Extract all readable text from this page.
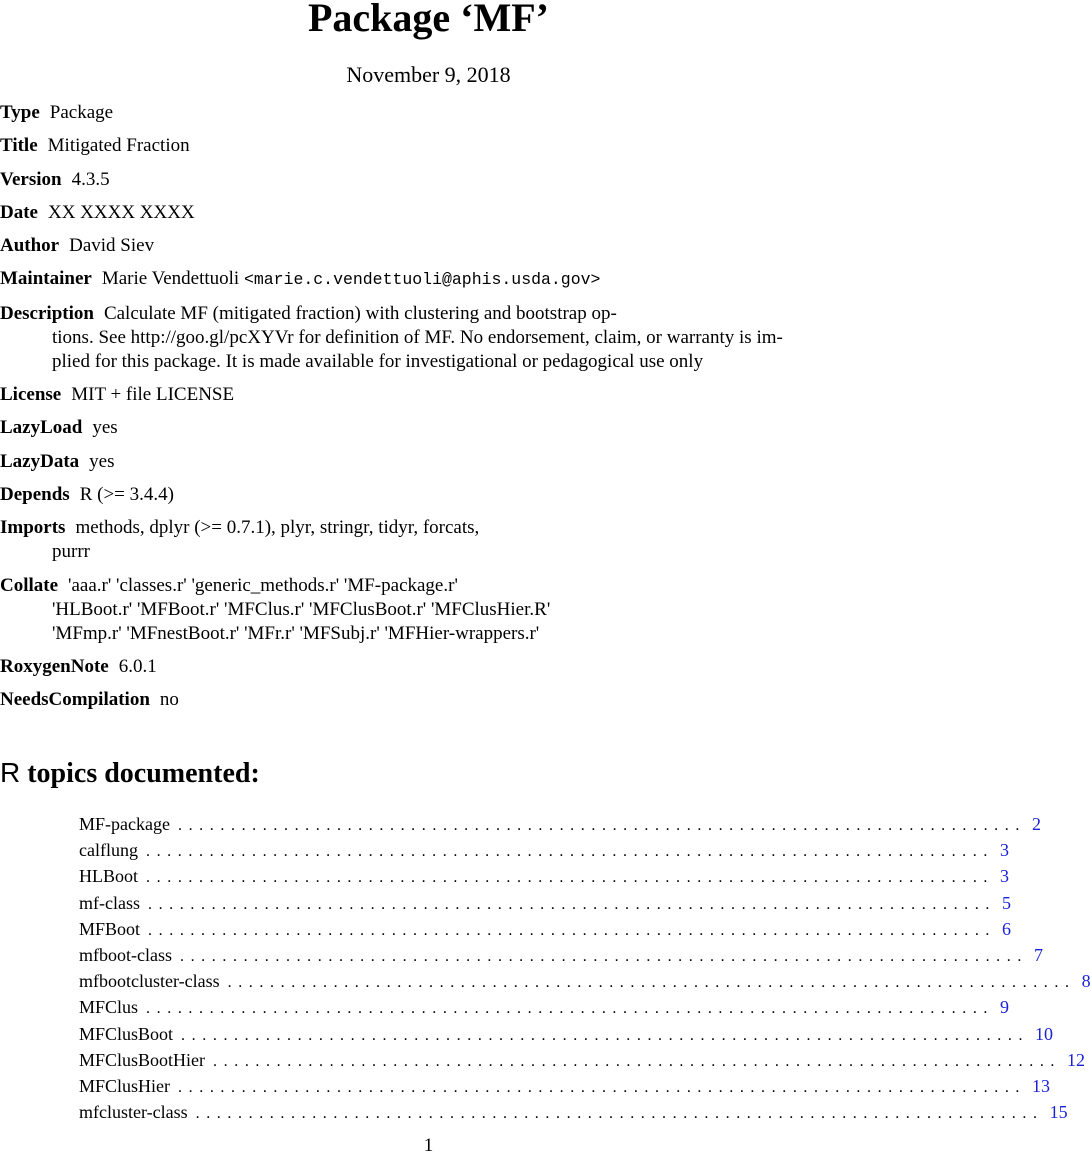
Package ‘MF’
November 9, 2018
Type Package
Title Mitigated Fraction
Version 4.3.5
Date XX XXXX XXXX
Author David Siev
Maintainer Marie Vendettuoli <marie.c.vendettuoli@aphis.usda.gov>
Description Calculate MF (mitigated fraction) with clustering and bootstrap op-
tions. See http://goo.gl/pcXYVr for definition of MF. No endorsement, claim, or warranty is im-
plied for this package. It is made available for investigational or pedagogical use only
License MIT + file LICENSE
LazyLoad yes
LazyData yes
Depends R (>= 3.4.4)
Imports methods, dplyr (>= 0.7.1), plyr, stringr, tidyr, forcats,
purrr
Collate 'aaa.r' 'classes.r' 'generic_methods.r' 'MF-package.r'
'HLBoot.r' 'MFBoot.r' 'MFClus.r' 'MFClusBoot.r' 'MFClusHier.R'
'MFmp.r' 'MFnestBoot.r' 'MFr.r' 'MFSubj.r' 'MFHier-wrappers.r'
RoxygenNote 6.0.1
NeedsCompilation no
R topics documented:
MF-package ................................................................................ 2
calflung ................................................................................ 3
HLBoot ................................................................................ 3
mf-class ................................................................................ 5
MFBoot ................................................................................ 6
mfboot-class ................................................................................ 7
mfbootcluster-class ................................................................................ 8
MFClus ................................................................................ 9
MFClusBoot ................................................................................ 10
MFClusBootHier ................................................................................ 12
MFClusHier ................................................................................ 13
mfcluster-class ................................................................................ 15
1
